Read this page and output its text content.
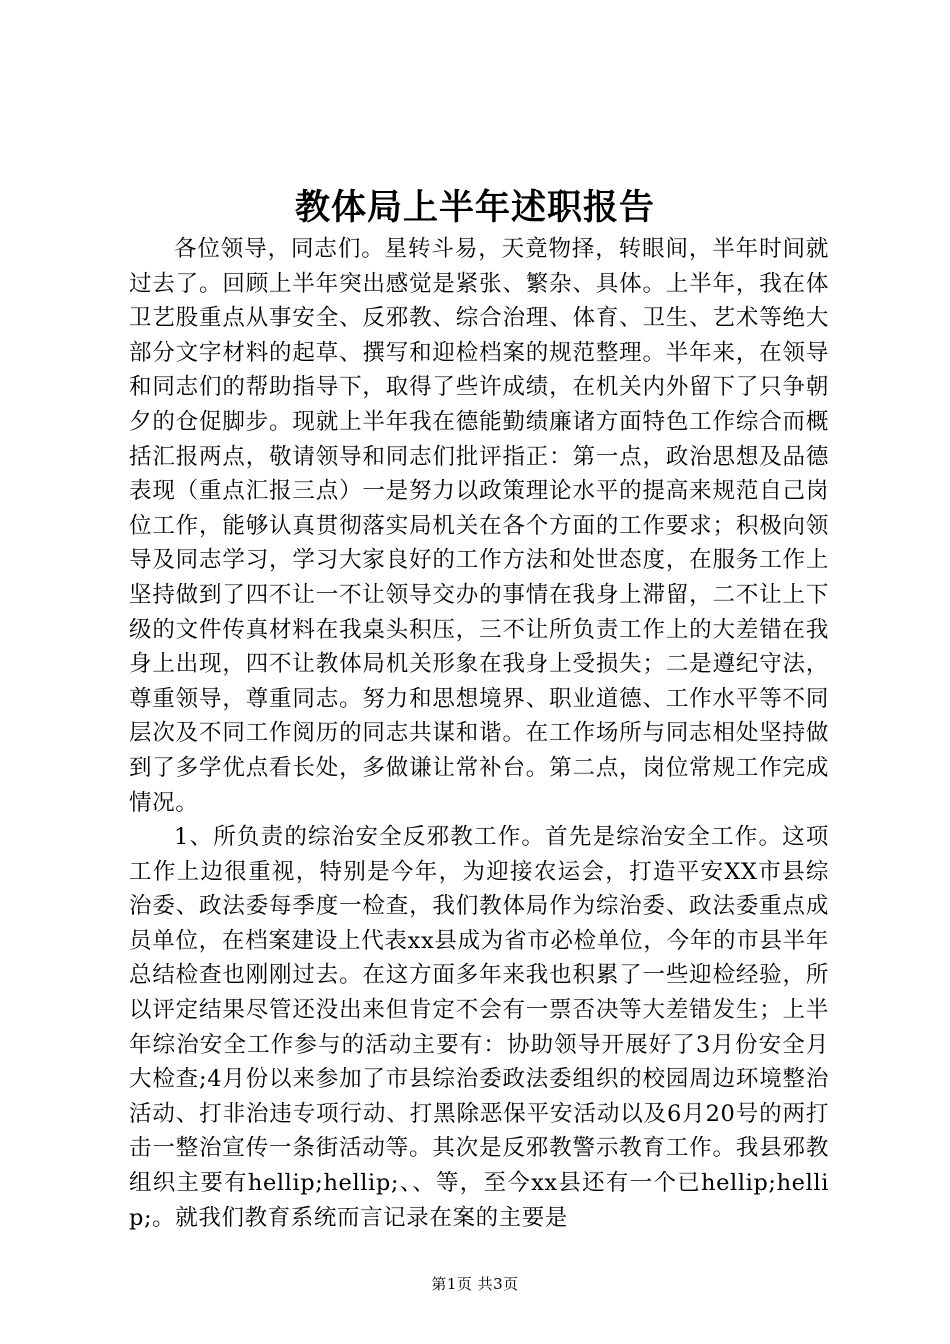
教体局上半年述职报告

各位领导，同志们。星转斗易，天竟物择，转眼间，半年时间就过去了。回顾上半年突出感觉是紧张、繁杂、具体。上半年，我在体卫艺股重点从事安全、反邪教、综合治理、体育、卫生、艺术等绝大部分文字材料的起草、撰写和迎检档案的规范整理。半年来，在领导和同志们的帮助指导下，取得了些许成绩，在机关内外留下了只争朝夕的仓促脚步。现就上半年我在德能勤绩廉诸方面特色工作综合而概括汇报两点，敬请领导和同志们批评指正：第一点，政治思想及品德表现（重点汇报三点）一是努力以政策理论水平的提高来规范自己岗位工作，能够认真贯彻落实局机关在各个方面的工作要求；积极向领导及同志学习，学习大家良好的工作方法和处世态度，在服务工作上坚持做到了四不让一不让领导交办的事情在我身上滞留，二不让上下级的文件传真材料在我桌头积压，三不让所负责工作上的大差错在我身上出现，四不让教体局机关形象在我身上受损失；二是遵纪守法，尊重领导，尊重同志。努力和思想境界、职业道德、工作水平等不同层次及不同工作阅历的同志共谋和谐。在工作场所与同志相处坚持做到了多学优点看长处，多做谦让常补台。第二点，岗位常规工作完成情况。

1、所负责的综治安全反邪教工作。首先是综治安全工作。这项工作上边很重视，特别是今年，为迎接农运会，打造平安XX市县综治委、政法委每季度一检查，我们教体局作为综治委、政法委重点成员单位，在档案建设上代表xx县成为省市必检单位，今年的市县半年总结检查也刚刚过去。在这方面多年来我也积累了一些迎检经验，所以评定结果尽管还没出来但肯定不会有一票否决等大差错发生；上半年综治安全工作参与的活动主要有：协助领导开展好了3月份安全月大检查;4月份以来参加了市县综治委政法委组织的校园周边环境整治活动、打非治违专项行动、打黑除恶保平安活动以及6月20号的两打击一整治宣传一条街活动等。其次是反邪教警示教育工作。我县邪教组织主要有hellip;hellip;、、等，至今xx县还有一个已hellip;hellip;。就我们教育系统而言记录在案的主要是

第1页 共3页
